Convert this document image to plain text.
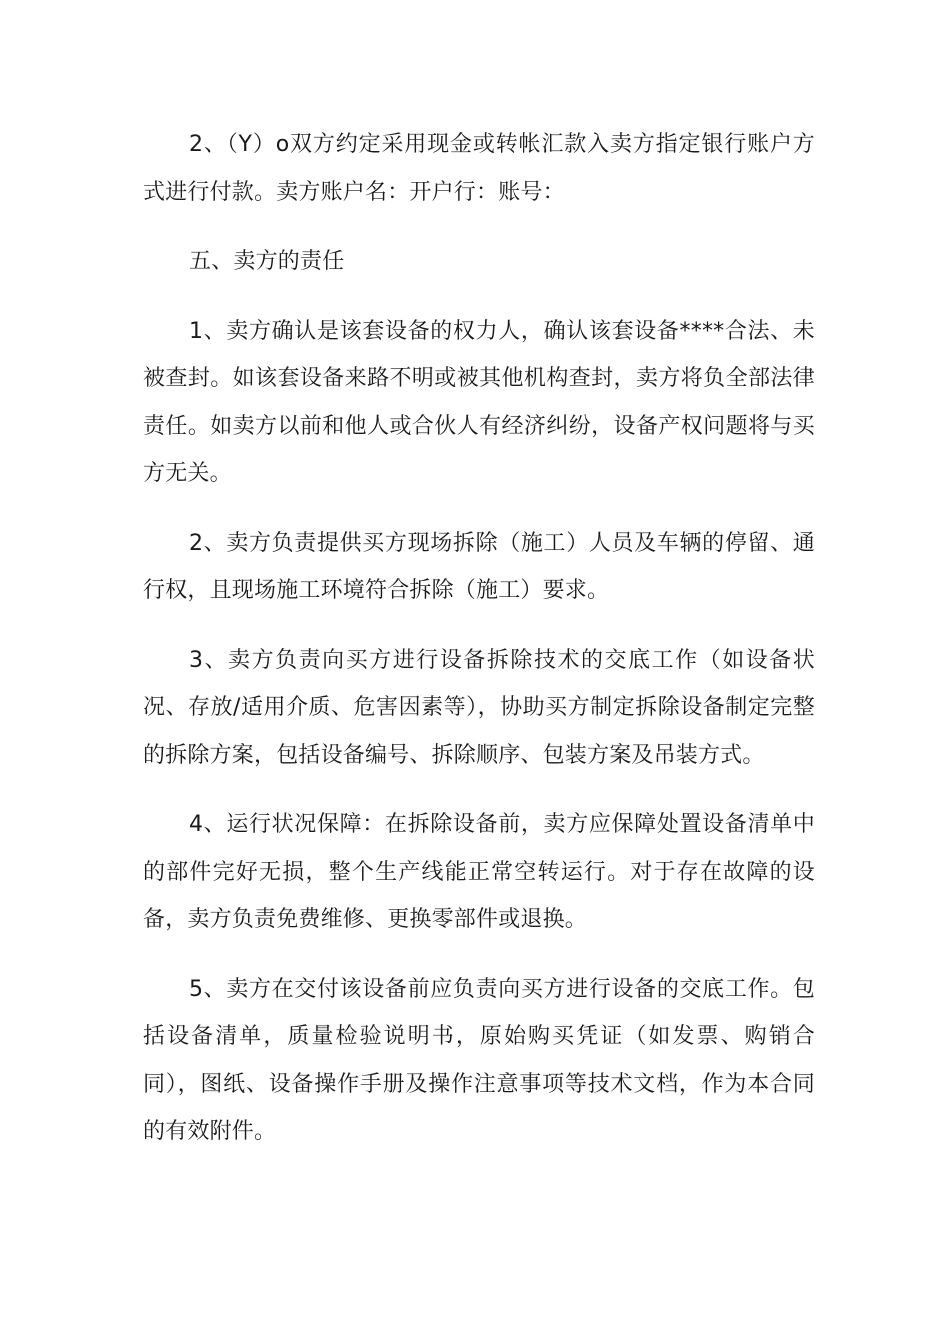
2、（Y）o双方约定采用现金或转帐汇款入卖方指定银行账户方式进行付款。卖方账户名：开户行：账号：

五、卖方的责任

1、卖方确认是该套设备的权力人，确认该套设备****合法、未被查封。如该套设备来路不明或被其他机构查封，卖方将负全部法律责任。如卖方以前和他人或合伙人有经济纠纷，设备产权问题将与买方无关。

2、卖方负责提供买方现场拆除（施工）人员及车辆的停留、通行权，且现场施工环境符合拆除（施工）要求。

3、卖方负责向买方进行设备拆除技术的交底工作（如设备状况、存放/适用介质、危害因素等），协助买方制定拆除设备制定完整的拆除方案，包括设备编号、拆除顺序、包装方案及吊装方式。

4、运行状况保障：在拆除设备前，卖方应保障处置设备清单中的部件完好无损，整个生产线能正常空转运行。对于存在故障的设备，卖方负责免费维修、更换零部件或退换。

5、卖方在交付该设备前应负责向买方进行设备的交底工作。包括设备清单，质量检验说明书，原始购买凭证（如发票、购销合同），图纸、设备操作手册及操作注意事项等技术文档，作为本合同的有效附件。
